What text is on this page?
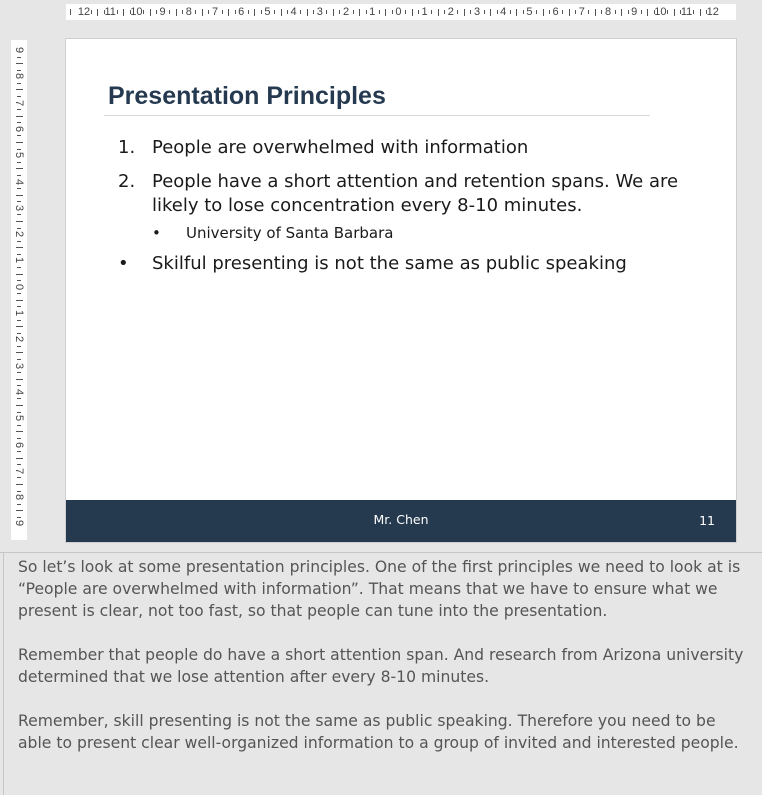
12 11 10 9 8 7 6 5 4 3 2 1 0 1 2 3 4 5 6 7 8 9 10 11 12
9
8
7
6
5
4
3
2
1
0
1
2
3
4
5
6
7
8
9
Presentation Principles
1. People are overwhelmed with information
2. People have a short attention and retention spans. We are
likely to lose concentration every 8-10 minutes.
• University of Santa Barbara
• Skilful presenting is not the same as public speaking
Mr. Chen	11

So let’s look at some presentation principles. One of the first principles we need to look at is “People are overwhelmed with information”. That means that we have to ensure what we present is clear, not too fast, so that people can tune into the presentation.

Remember that people do have a short attention span. And research from Arizona university determined that we lose attention after every 8-10 minutes.

Remember, skill presenting is not the same as public speaking. Therefore you need to be able to present clear well-organized information to a group of invited and interested people.
